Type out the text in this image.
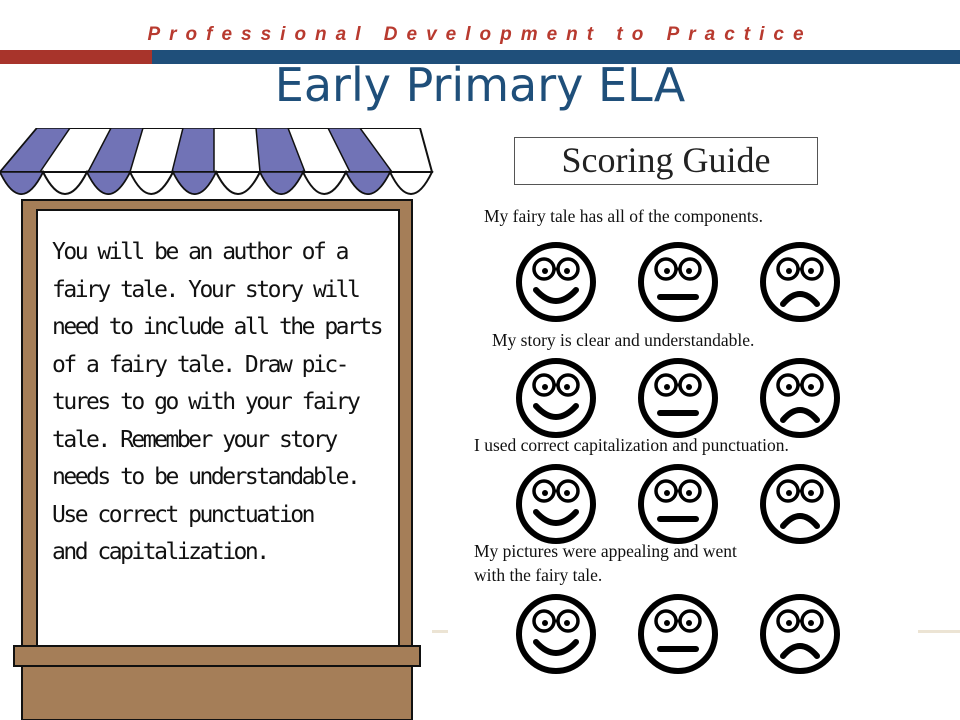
Professional Development to Practice
Early Primary ELA
You will be an author of a
fairy tale. Your story will
need to include all the parts
of a fairy tale. Draw pic-
tures to go with your fairy
tale. Remember your story
needs to be understandable.
Use correct punctuation
and capitalization.
Scoring Guide
My fairy tale has all of the components.
My story is clear and understandable.
I used correct capitalization and punctuation.
My pictures were appealing and went
with the fairy tale.
